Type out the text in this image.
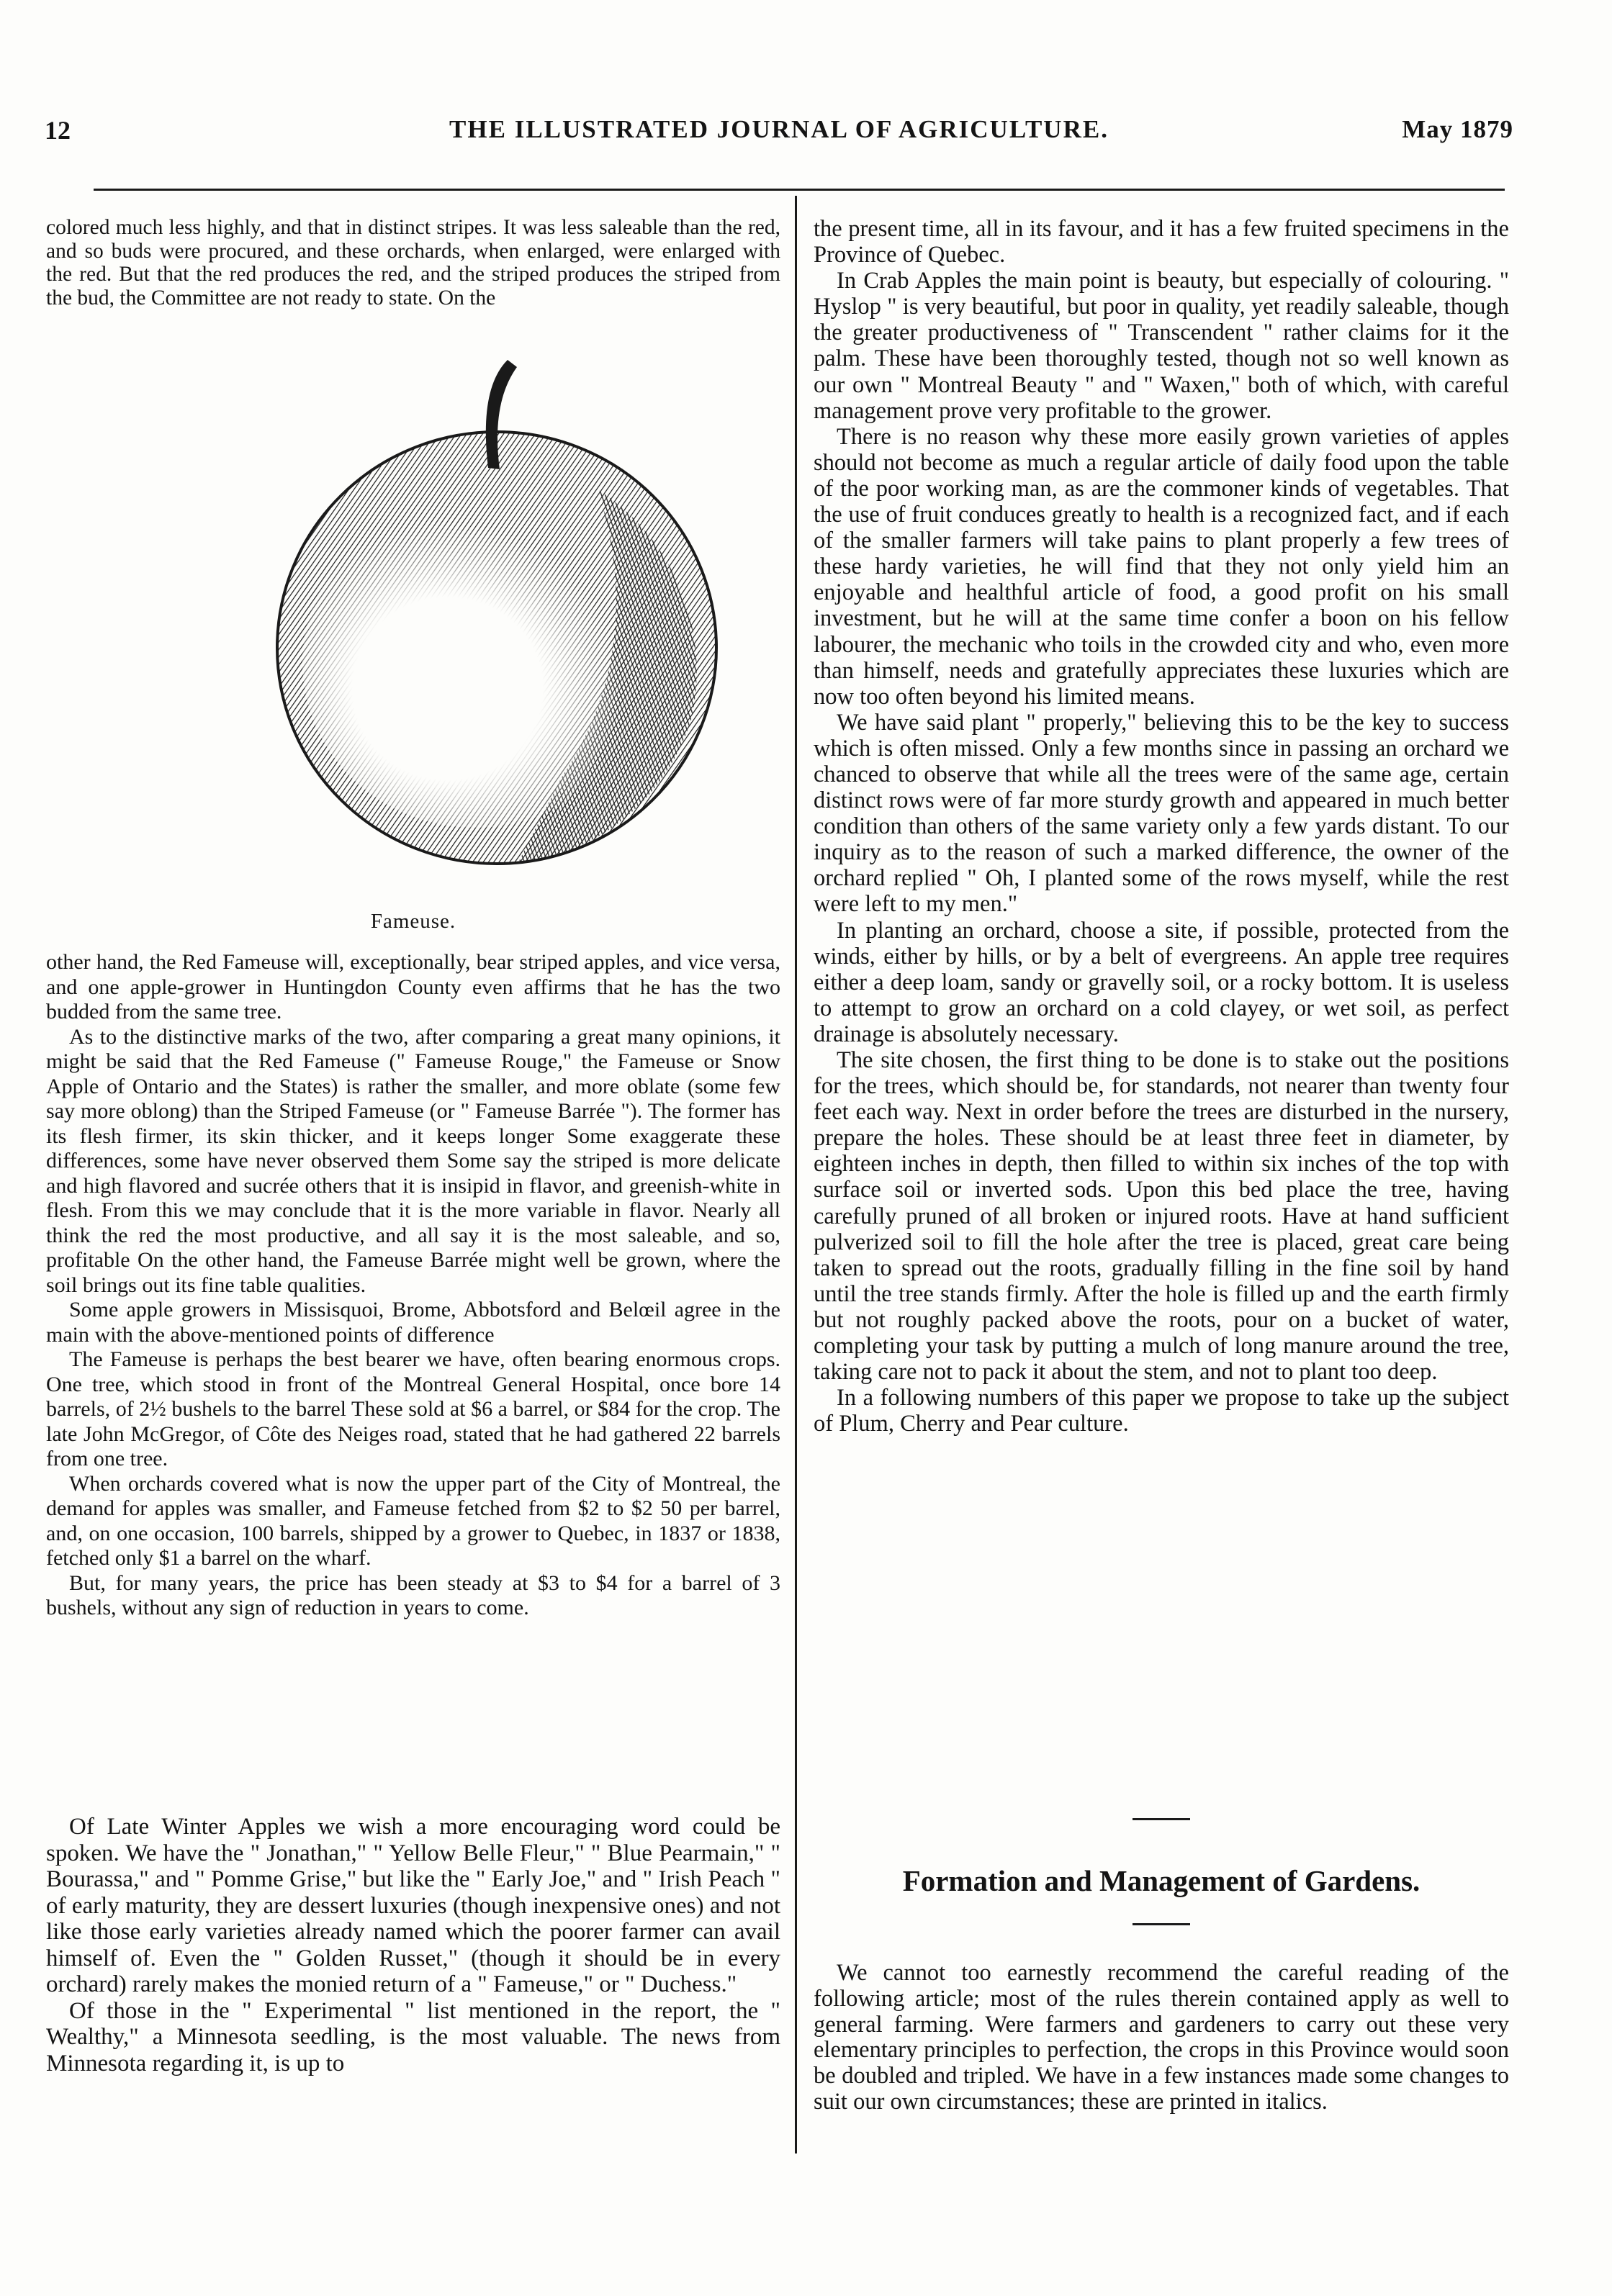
12	THE ILLUSTRATED JOURNAL OF AGRICULTURE.	May 1879

colored much less highly, and that in distinct stripes. It was less saleable than the red, and so buds were procured, and these orchards, when enlarged, were enlarged with the red. But that the red produces the red, and the striped produces the striped from the bud, the Committee are not ready to state. On the

Fameuse.

other hand, the Red Fameuse will, exceptionally, bear striped apples, and vice versa, and one apple-grower in Huntingdon County even affirms that he has the two budded from the same tree.

As to the distinctive marks of the two, after comparing a great many opinions, it might be said that the Red Fameuse (" Fameuse Rouge," the Fameuse or Snow Apple of Ontario and the States) is rather the smaller, and more oblate (some few say more oblong) than the Striped Fameuse (or " Fameuse Barrée "). The former has its flesh firmer, its skin thicker, and it keeps longer Some exaggerate these differences, some have never observed them Some say the striped is more delicate and high flavored and sucrée others that it is insipid in flavor, and greenish-white in flesh. From this we may conclude that it is the more variable in flavor. Nearly all think the red the most productive, and all say it is the most saleable, and so, profitable On the other hand, the Fameuse Barrée might well be grown, where the soil brings out its fine table qualities.

Some apple growers in Missisquoi, Brome, Abbotsford and Belœil agree in the main with the above-mentioned points of difference

The Fameuse is perhaps the best bearer we have, often bearing enormous crops. One tree, which stood in front of the Montreal General Hospital, once bore 14 barrels, of 2½ bushels to the barrel These sold at $6 a barrel, or $84 for the crop. The late John McGregor, of Côte des Neiges road, stated that he had gathered 22 barrels from one tree.

When orchards covered what is now the upper part of the City of Montreal, the demand for apples was smaller, and Fameuse fetched from $2 to $2 50 per barrel, and, on one occasion, 100 barrels, shipped by a grower to Quebec, in 1837 or 1838, fetched only $1 a barrel on the wharf.

But, for many years, the price has been steady at $3 to $4 for a barrel of 3 bushels, without any sign of reduction in years to come.

Of Late Winter Apples we wish a more encouraging word could be spoken. We have the " Jonathan," " Yellow Belle Fleur," " Blue Pearmain," " Bourassa," and " Pomme Grise," but like the " Early Joe," and " Irish Peach " of early maturity, they are dessert luxuries (though inexpensive ones) and not like those early varieties already named which the poorer farmer can avail himself of. Even the " Golden Russet," (though it should be in every orchard) rarely makes the monied return of a " Fameuse," or " Duchess."

Of those in the " Experimental " list mentioned in the report, the " Wealthy," a Minnesota seedling, is the most valuable. The news from Minnesota regarding it, is up to

the present time, all in its favour, and it has a few fruited specimens in the Province of Quebec.

In Crab Apples the main point is beauty, but especially of colouring. " Hyslop " is very beautiful, but poor in quality, yet readily saleable, though the greater productiveness of " Transcendent " rather claims for it the palm. These have been thoroughly tested, though not so well known as our own " Montreal Beauty " and " Waxen," both of which, with careful management prove very profitable to the grower.

There is no reason why these more easily grown varieties of apples should not become as much a regular article of daily food upon the table of the poor working man, as are the commoner kinds of vegetables. That the use of fruit conduces greatly to health is a recognized fact, and if each of the smaller farmers will take pains to plant properly a few trees of these hardy varieties, he will find that they not only yield him an enjoyable and healthful article of food, a good profit on his small investment, but he will at the same time confer a boon on his fellow labourer, the mechanic who toils in the crowded city and who, even more than himself, needs and gratefully appreciates these luxuries which are now too often beyond his limited means.

We have said plant " properly," believing this to be the key to success which is often missed. Only a few months since in passing an orchard we chanced to observe that while all the trees were of the same age, certain distinct rows were of far more sturdy growth and appeared in much better condition than others of the same variety only a few yards distant. To our inquiry as to the reason of such a marked difference, the owner of the orchard replied " Oh, I planted some of the rows myself, while the rest were left to my men."

In planting an orchard, choose a site, if possible, protected from the winds, either by hills, or by a belt of evergreens. An apple tree requires either a deep loam, sandy or gravelly soil, or a rocky bottom. It is useless to attempt to grow an orchard on a cold clayey, or wet soil, as perfect drainage is absolutely necessary.

The site chosen, the first thing to be done is to stake out the positions for the trees, which should be, for standards, not nearer than twenty four feet each way. Next in order before the trees are disturbed in the nursery, prepare the holes. These should be at least three feet in diameter, by eighteen inches in depth, then filled to within six inches of the top with surface soil or inverted sods. Upon this bed place the tree, having carefully pruned of all broken or injured roots. Have at hand sufficient pulverized soil to fill the hole after the tree is placed, great care being taken to spread out the roots, gradually filling in the fine soil by hand until the tree stands firmly. After the hole is filled up and the earth firmly but not roughly packed above the roots, pour on a bucket of water, completing your task by putting a mulch of long manure around the tree, taking care not to pack it about the stem, and not to plant too deep.

In a following numbers of this paper we propose to take up the subject of Plum, Cherry and Pear culture.

Formation and Management of Gardens.

We cannot too earnestly recommend the careful reading of the following article; most of the rules therein contained apply as well to general farming. Were farmers and gardeners to carry out these very elementary principles to perfection, the crops in this Province would soon be doubled and tripled. We have in a few instances made some changes to suit our own circumstances; these are printed in italics.
